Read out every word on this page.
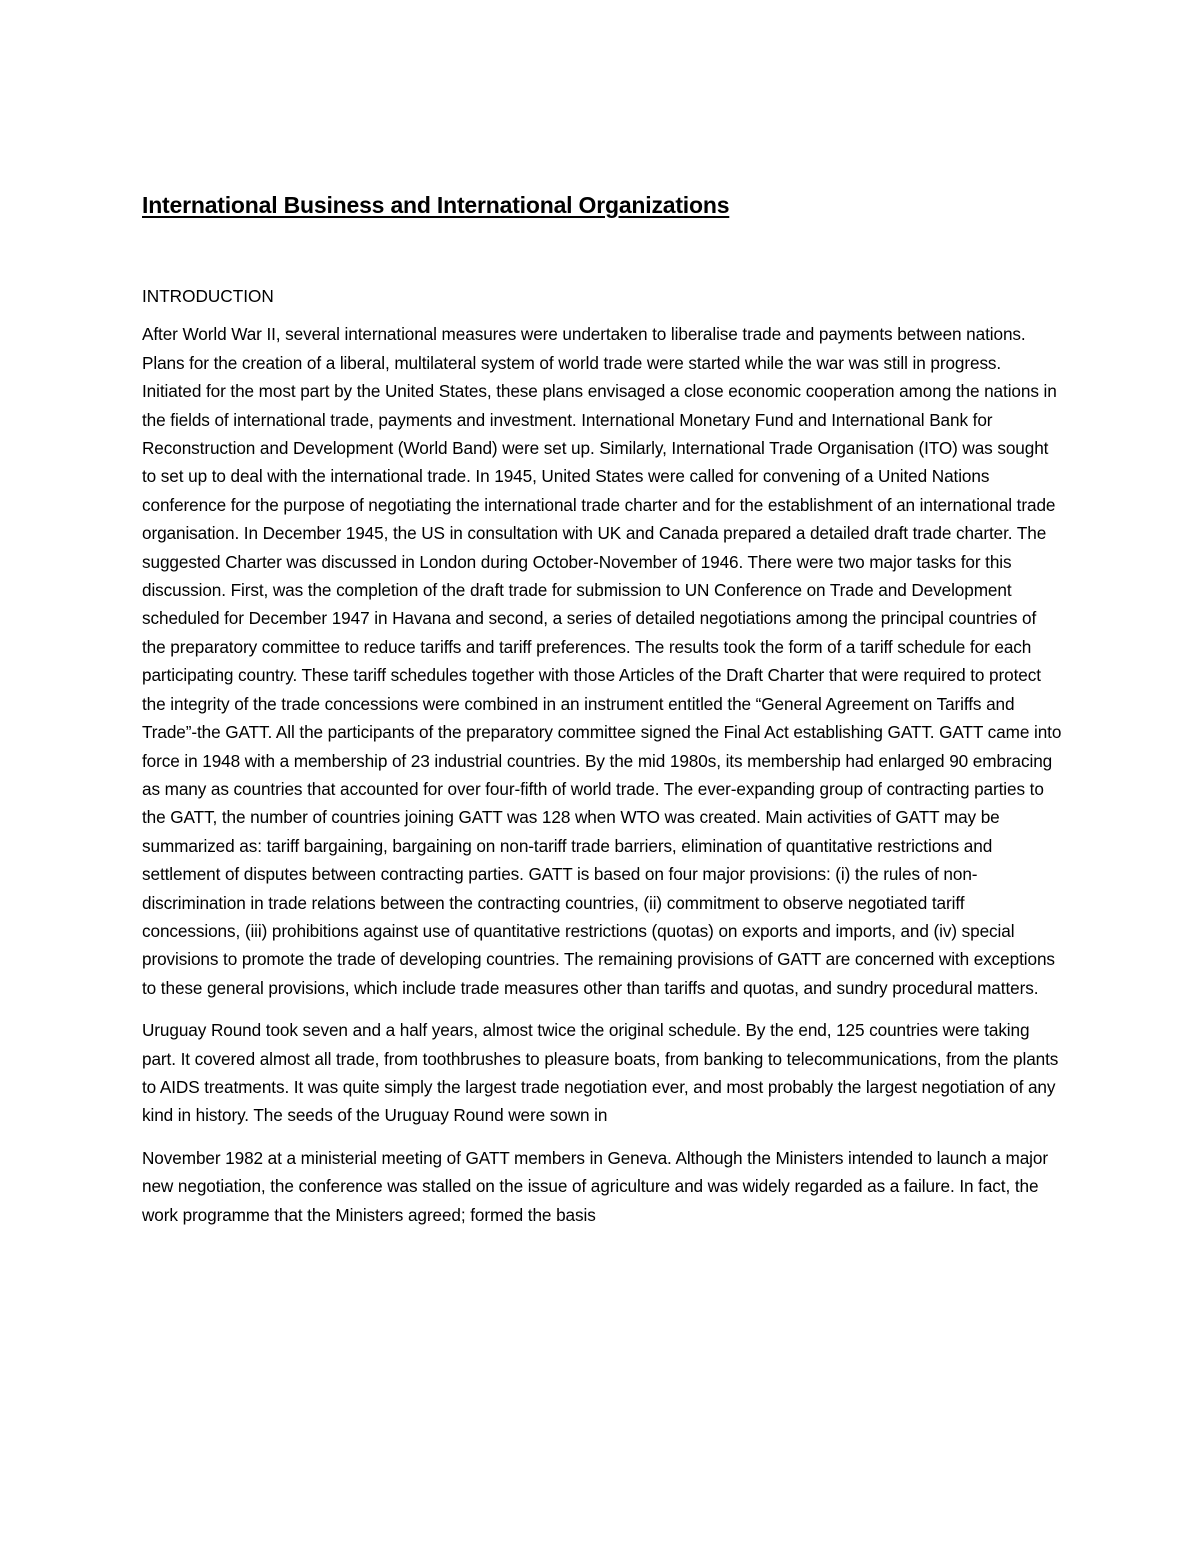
International Business and International Organizations

INTRODUCTION

After World War II, several international measures were undertaken to liberalise trade and payments between nations. Plans for the creation of a liberal, multilateral system of world trade were started while the war was still in progress. Initiated for the most part by the United States, these plans envisaged a close economic cooperation among the nations in the fields of international trade, payments and investment. International Monetary Fund and International Bank for Reconstruction and Development (World Band) were set up. Similarly, International Trade Organisation (ITO) was sought to set up to deal with the international trade. In 1945, United States were called for convening of a United Nations conference for the purpose of negotiating the international trade charter and for the establishment of an international trade organisation. In December 1945, the US in consultation with UK and Canada prepared a detailed draft trade charter. The suggested Charter was discussed in London during October-November of 1946. There were two major tasks for this discussion. First, was the completion of the draft trade for submission to UN Conference on Trade and Development scheduled for December 1947 in Havana and second, a series of detailed negotiations among the principal countries of the preparatory committee to reduce tariffs and tariff preferences. The results took the form of a tariff schedule for each participating country. These tariff schedules together with those Articles of the Draft Charter that were required to protect the integrity of the trade concessions were combined in an instrument entitled the “General Agreement on Tariffs and Trade”-the GATT. All the participants of the preparatory committee signed the Final Act establishing GATT. GATT came into force in 1948 with a membership of 23 industrial countries. By the mid 1980s, its membership had enlarged 90 embracing as many as countries that accounted for over four-fifth of world trade. The ever-expanding group of contracting parties to the GATT, the number of countries joining GATT was 128 when WTO was created. Main activities of GATT may be summarized as: tariff bargaining, bargaining on non-tariff trade barriers, elimination of quantitative restrictions and settlement of disputes between contracting parties. GATT is based on four major provisions: (i) the rules of non-discrimination in trade relations between the contracting countries, (ii) commitment to observe negotiated tariff concessions, (iii) prohibitions against use of quantitative restrictions (quotas) on exports and imports, and (iv) special provisions to promote the trade of developing countries. The remaining provisions of GATT are concerned with exceptions to these general provisions, which include trade measures other than tariffs and quotas, and sundry procedural matters.

Uruguay Round took seven and a half years, almost twice the original schedule. By the end, 125 countries were taking part. It covered almost all trade, from toothbrushes to pleasure boats, from banking to telecommunications, from the plants to AIDS treatments. It was quite simply the largest trade negotiation ever, and most probably the largest negotiation of any kind in history. The seeds of the Uruguay Round were sown in

November 1982 at a ministerial meeting of GATT members in Geneva. Although the Ministers intended to launch a major new negotiation, the conference was stalled on the issue of agriculture and was widely regarded as a failure. In fact, the work programme that the Ministers agreed; formed the basis
